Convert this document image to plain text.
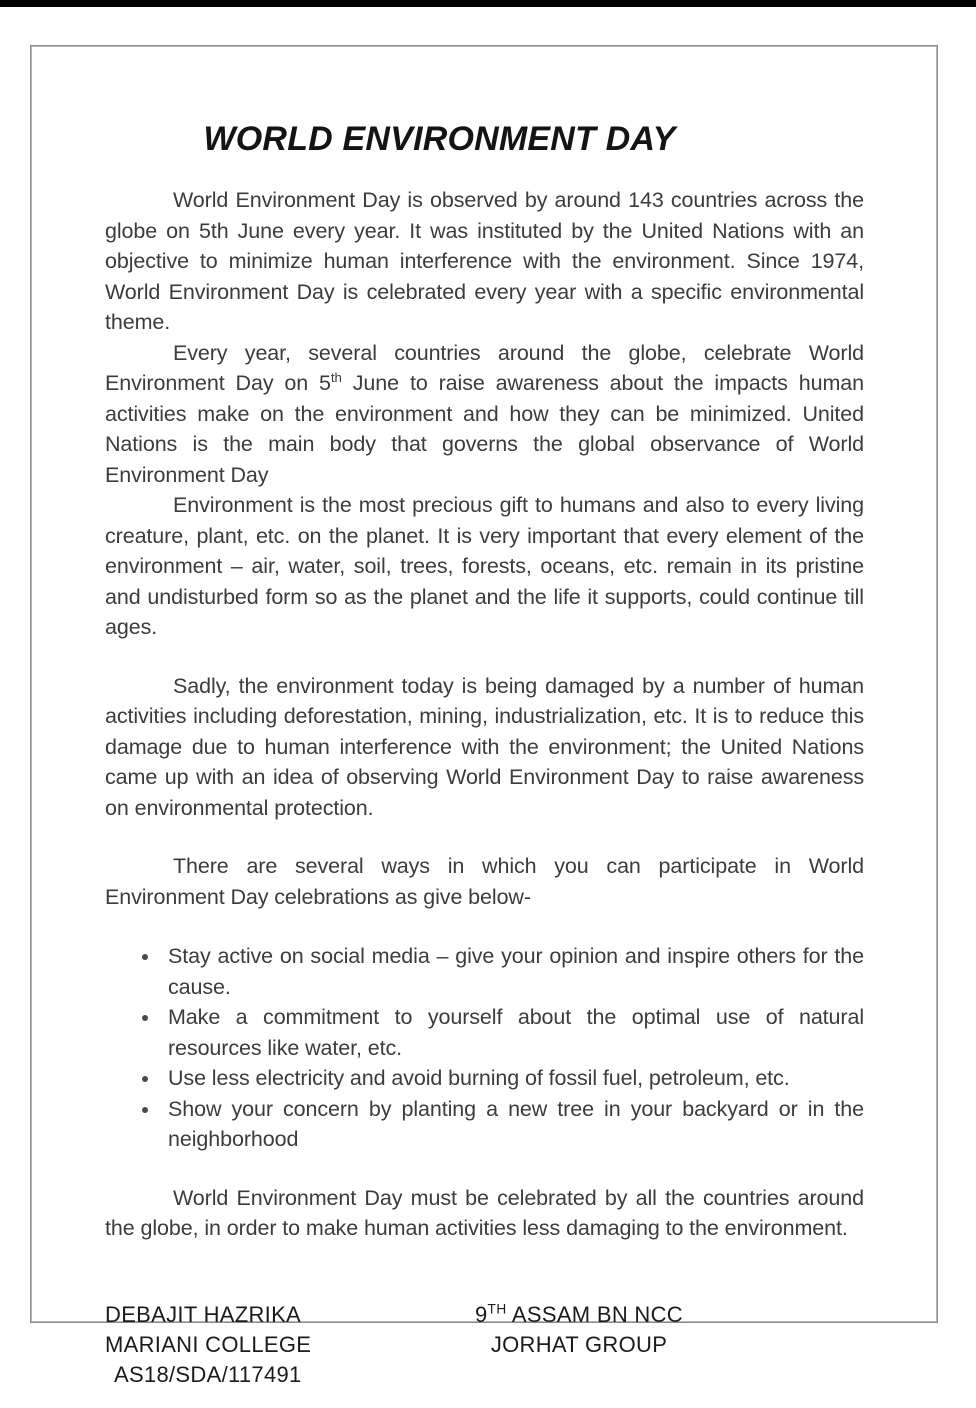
WORLD ENVIRONMENT DAY

World Environment Day is observed by around 143 countries across the globe on 5th June every year. It was instituted by the United Nations with an objective to minimize human interference with the environment. Since 1974, World Environment Day is celebrated every year with a specific environmental theme.

Every year, several countries around the globe, celebrate World Environment Day on 5th June to raise awareness about the impacts human activities make on the environment and how they can be minimized. United Nations is the main body that governs the global observance of World Environment Day

Environment is the most precious gift to humans and also to every living creature, plant, etc. on the planet. It is very important that every element of the environment – air, water, soil, trees, forests, oceans, etc. remain in its pristine and undisturbed form so as the planet and the life it supports, could continue till ages.

Sadly, the environment today is being damaged by a number of human activities including deforestation, mining, industrialization, etc. It is to reduce this damage due to human interference with the environment; the United Nations came up with an idea of observing World Environment Day to raise awareness on environmental protection.

There are several ways in which you can participate in World Environment Day celebrations as give below-

Stay active on social media – give your opinion and inspire others for the cause.
Make a commitment to yourself about the optimal use of natural resources like water, etc.
Use less electricity and avoid burning of fossil fuel, petroleum, etc.
Show your concern by planting a new tree in your backyard or in the neighborhood

World Environment Day must be celebrated by all the countries around the globe, in order to make human activities less damaging to the environment.

DEBAJIT HAZRIKA
MARIANI COLLEGE
AS18/SDA/117491
9TH ASSAM BN NCC
JORHAT GROUP
